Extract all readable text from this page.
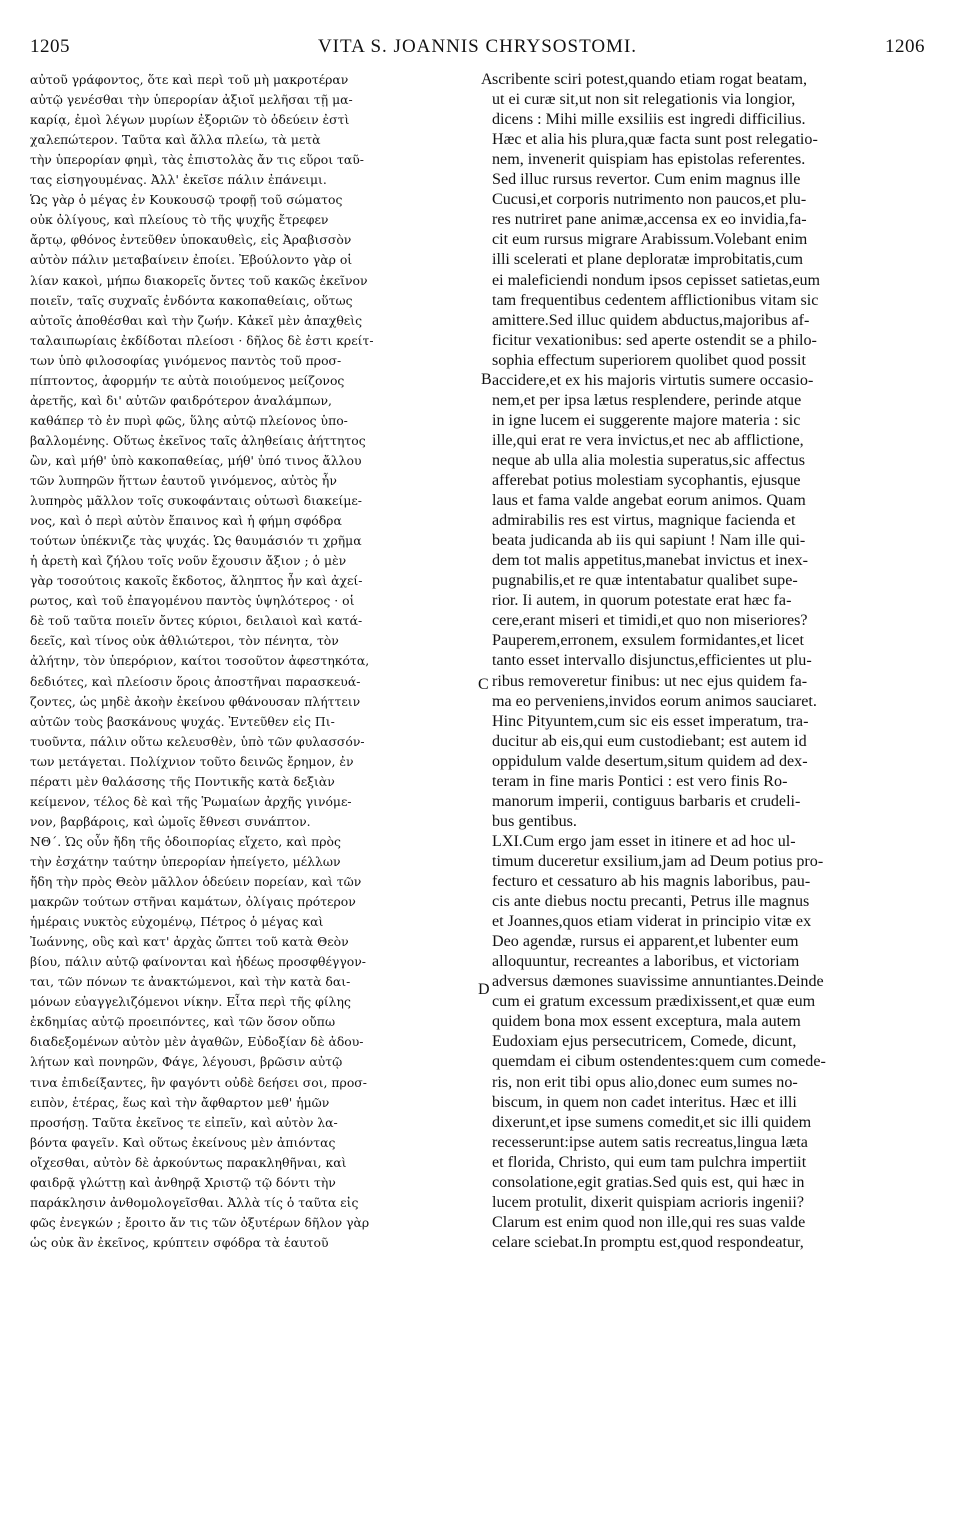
1205	VITA S. JOANNIS CHRYSOSTOMI.	1206
αὐτοῦ γράφοντος, ὅτε καὶ περὶ τοῦ μὴ μακροτέραν
αὐτῷ γενέσθαι τὴν ὑπερορίαν ἀξιοῖ μελῆσαι τῇ μα-
καρίᾳ, ἐμοὶ λέγων μυρίων ἐξοριῶν τὸ ὁδεύειν ἐστὶ
χαλεπώτερον. Ταῦτα καὶ ἄλλα πλείω, τὰ μετὰ
τὴν ὑπερορίαν φημὶ, τὰς ἐπιστολὰς ἄν τις εὕροι ταῦ-
τας εἰσηγουμένας. Ἀλλ' ἐκεῖσε πάλιν ἐπάνειμι.
Ὡς γὰρ ὁ μέγας ἐν Κουκουσῷ τροφῇ τοῦ σώματος
οὐκ ὀλίγους, καὶ πλείους τὸ τῆς ψυχῆς ἔτρεφεν
ἄρτῳ, φθόνος ἐντεῦθεν ὑποκαυθεὶς, εἰς Ἀραβισσὸν
αὐτὸν πάλιν μεταβαίνειν ἐποίει. Ἐβούλοντο γὰρ οἱ
λίαν κακοὶ, μήπω διακορεῖς ὄντες τοῦ κακῶς ἐκεῖνον
ποιεῖν, ταῖς συχναῖς ἐνδόντα κακοπαθείαις, οὕτως
αὐτοῖς ἀποθέσθαι καὶ τὴν ζωήν. Κἀκεῖ μὲν ἀπαχθεὶς
ταλαιπωρίαις ἐκδίδοται πλείοσι · δῆλος δὲ ἐστι κρείτ-
των ὑπὸ φιλοσοφίας γινόμενος παντὸς τοῦ προσ-
πίπτοντος, ἀφορμήν τε αὐτὰ ποιούμενος μείζονος
ἀρετῆς, καὶ δι' αὐτῶν φαιδρότερον ἀναλάμπων,
καθάπερ τὸ ἐν πυρὶ φῶς, ὕλης αὐτῷ πλείονος ὑπο-
βαλλομένης. Οὕτως ἐκεῖνος ταῖς ἀληθείαις ἀήττητος
ὢν, καὶ μήθ' ὑπὸ κακοπαθείας, μήθ' ὑπό τινος ἄλλου
τῶν λυπηρῶν ἥττων ἑαυτοῦ γινόμενος, αὐτὸς ἦν
λυπηρὸς μᾶλλον τοῖς συκοφάνταις οὑτωσὶ διακείμε-
νος, καὶ ὁ περὶ αὐτὸν ἔπαινος καὶ ἡ φήμη σφόδρα
τούτων ὑπέκνιζε τὰς ψυχάς. Ὡς θαυμάσιόν τι χρῆμα
ἡ ἀρετὴ καὶ ζήλου τοῖς νοῦν ἔχουσιν ἄξιον ; ὁ μὲν
γὰρ τοσούτοις κακοῖς ἔκδοτος, ἄληπτος ἦν καὶ ἀχεί-
ρωτος, καὶ τοῦ ἐπαγομένου παντὸς ὑψηλότερος · οἱ
δὲ τοῦ ταῦτα ποιεῖν ὄντες κύριοι, δειλαιοὶ καὶ κατά-
δεεῖς, καὶ τίνος οὐκ ἀθλιώτεροι, τὸν πένητα, τὸν
ἀλήτην, τὸν ὑπερόριον, καίτοι τοσοῦτον ἀφεστηκότα,
δεδιότες, καὶ πλείοσιν ὅροις ἀποστῆναι παρασκευά-
ζοντες, ὡς μηδὲ ἀκοὴν ἐκείνου φθάνουσαν πλήττειν
αὐτῶν τοὺς βασκάνους ψυχάς. Ἐντεῦθεν εἰς Πι-
τυοῦντα, πάλιν οὕτω κελευσθὲν, ὑπὸ τῶν φυλασσόν-
των μετάγεται. Πολίχνιον τοῦτο δεινῶς ἔρημον, ἐν
πέρατι μὲν θαλάσσης τῆς Ποντικῆς κατὰ δεξιὰν
κείμενον, τέλος δὲ καὶ τῆς Ῥωμαίων ἀρχῆς γινόμε-
νον, βαρβάροις, καὶ ὠμοῖς ἔθνεσι συνάπτον.
ΝΘ΄. Ὡς οὖν ἤδη τῆς ὁδοιπορίας εἴχετο, καὶ πρὸς
τὴν ἐσχάτην ταύτην ὑπερορίαν ἠπείγετο, μέλλων
ἤδη τὴν πρὸς Θεὸν μᾶλλον ὁδεύειν πορείαν, καὶ τῶν
μακρῶν τούτων στῆναι καμάτων, ὀλίγαις πρότερον
ἡμέραις νυκτὸς εὐχομένῳ, Πέτρος ὁ μέγας καὶ
Ἰωάννης, οὓς καὶ κατ' ἀρχὰς ὤπτει τοῦ κατὰ Θεὸν
βίου, πάλιν αὐτῷ φαίνονται καὶ ἡδέως προσφθέγγον-
ται, τῶν πόνων τε ἀνακτώμενοι, καὶ τὴν κατὰ δαι-
μόνων εὐαγγελιζόμενοι νίκην. Εἶτα περὶ τῆς φίλης
ἐκδημίας αὐτῷ προειπόντες, καὶ τῶν ὅσον οὔπω
διαδεξομένων αὐτὸν μὲν ἀγαθῶν, Εὐδοξίαν δὲ ἀδου-
λήτων καὶ πονηρῶν, Φάγε, λέγουσι, βρῶσιν αὐτῷ
τινα ἐπιδείξαντες, ἣν φαγόντι οὐδὲ δεήσει σοι, προσ-
ειπὸν, ἑτέρας, ἕως καὶ τὴν ἄφθαρτον μεθ' ἡμῶν
προσήσῃ. Ταῦτα ἐκεῖνος τε εἰπεῖν, καὶ αὐτὸν λα-
βόντα φαγεῖν. Καὶ οὕτως ἐκείνους μὲν ἀπιόντας
οἴχεσθαι, αὐτὸν δὲ ἀρκούντως παρακληθῆναι, καὶ
φαιδρᾷ γλώττῃ καὶ ἀνθηρᾷ Χριστῷ τῷ δόντι τὴν
παράκλησιν ἀνθομολογεῖσθαι. Ἀλλὰ τίς ὁ ταῦτα εἰς
φῶς ἐνεγκών ; ἔροιτο ἄν τις τῶν ὀξυτέρων δῆλον γὰρ
ὡς οὐκ ἂν ἐκεῖνος, κρύπτειν σφόδρα τὰ ἑαυτοῦ
scribente sciri potest,quando etiam rogat beatam,
ut ei curæ sit,ut non sit relegationis via longior,
dicens : Mihi mille exsiliis est ingredi difficilius.
Hæc et alia his plura,quæ facta sunt post relegatio-
nem, invenerit quispiam has epistolas referentes.
Sed illuc rursus revertor. Cum enim magnus ille
Cucusi,et corporis nutrimento non paucos,et plu-
res nutriret pane animæ,accensa ex eo invidia,fa-
cit eum rursus migrare Arabissum.Volebant enim
illi scelerati et plane deploratæ improbitatis,cum
ei maleficiendi nondum ipsos cepisset satietas,eum
tam frequentibus cedentem afflictionibus vitam sic
amittere.Sed illuc quidem abductus,majoribus af-
ficitur vexationibus: sed aperte ostendit se a philo-
sophia effectum superiorem quolibet quod possit
accidere,et ex his majoris virtutis sumere occasio-
nem,et per ipsa lætus resplendere, perinde atque
in igne lucem ei suggerente majore materia : sic
ille,qui erat re vera invictus,et nec ab afflictione,
neque ab ulla alia molestia superatus,sic affectus
afferebat potius molestiam sycophantis, ejusque
laus et fama valde angebat eorum animos. Quam
admirabilis res est virtus, magnique facienda et
beata judicanda ab iis qui sapiunt ! Nam ille qui-
dem tot malis appetitus,manebat invictus et inex-
pugnabilis,et re quæ intentabatur qualibet supe-
rior. Ii autem, in quorum potestate erat hæc fa-
cere,erant miseri et timidi,et quo non miseriores?
Pauperem,erronem, exsulem formidantes,et licet
tanto esset intervallo disjunctus,efficientes ut plu-
ribus removeretur finibus: ut nec ejus quidem fa-
ma eo perveniens,invidos eorum animos sauciaret.
Hinc Pityuntem,cum sic eis esset imperatum, tra-
ducitur ab eis,qui eum custodiebant; est autem id
oppidulum valde desertum,situm quidem ad dex-
teram in fine maris Pontici : est vero finis Ro-
manorum imperii, contiguus barbaris et crudeli-
bus gentibus.
LXI.Cum ergo jam esset in itinere et ad hoc ul-
timum duceretur exsilium,jam ad Deum potius pro-
fecturo et cessaturo ab his magnis laboribus, pau-
cis ante diebus noctu precanti, Petrus ille magnus
et Joannes,quos etiam viderat in principio vitæ ex
Deo agendæ, rursus ei apparent,et lubenter eum
alloquuntur, recreantes a laboribus, et victoriam
adversus dæmones suavissime annuntiantes.Deinde
cum ei gratum excessum prædixissent,et quæ eum
quidem bona mox essent exceptura, mala autem
Eudoxiam ejus persecutricem, Comede, dicunt,
quemdam ei cibum ostendentes:quem cum comede-
ris, non erit tibi opus alio,donec eum sumes no-
biscum, in quem non cadet interitus. Hæc et illi
dixerunt,et ipse sumens comedit,et sic illi quidem
recesserunt:ipse autem satis recreatus,lingua læta
et florida, Christo, qui eum tam pulchra impertiit
consolatione,egit gratias.Sed quis est, qui hæc in
lucem protulit, dixerit quispiam acrioris ingenii?
Clarum est enim quod non ille,qui res suas valde
celare sciebat.In promptu est,quod respondeatur,
A
B
C
D
